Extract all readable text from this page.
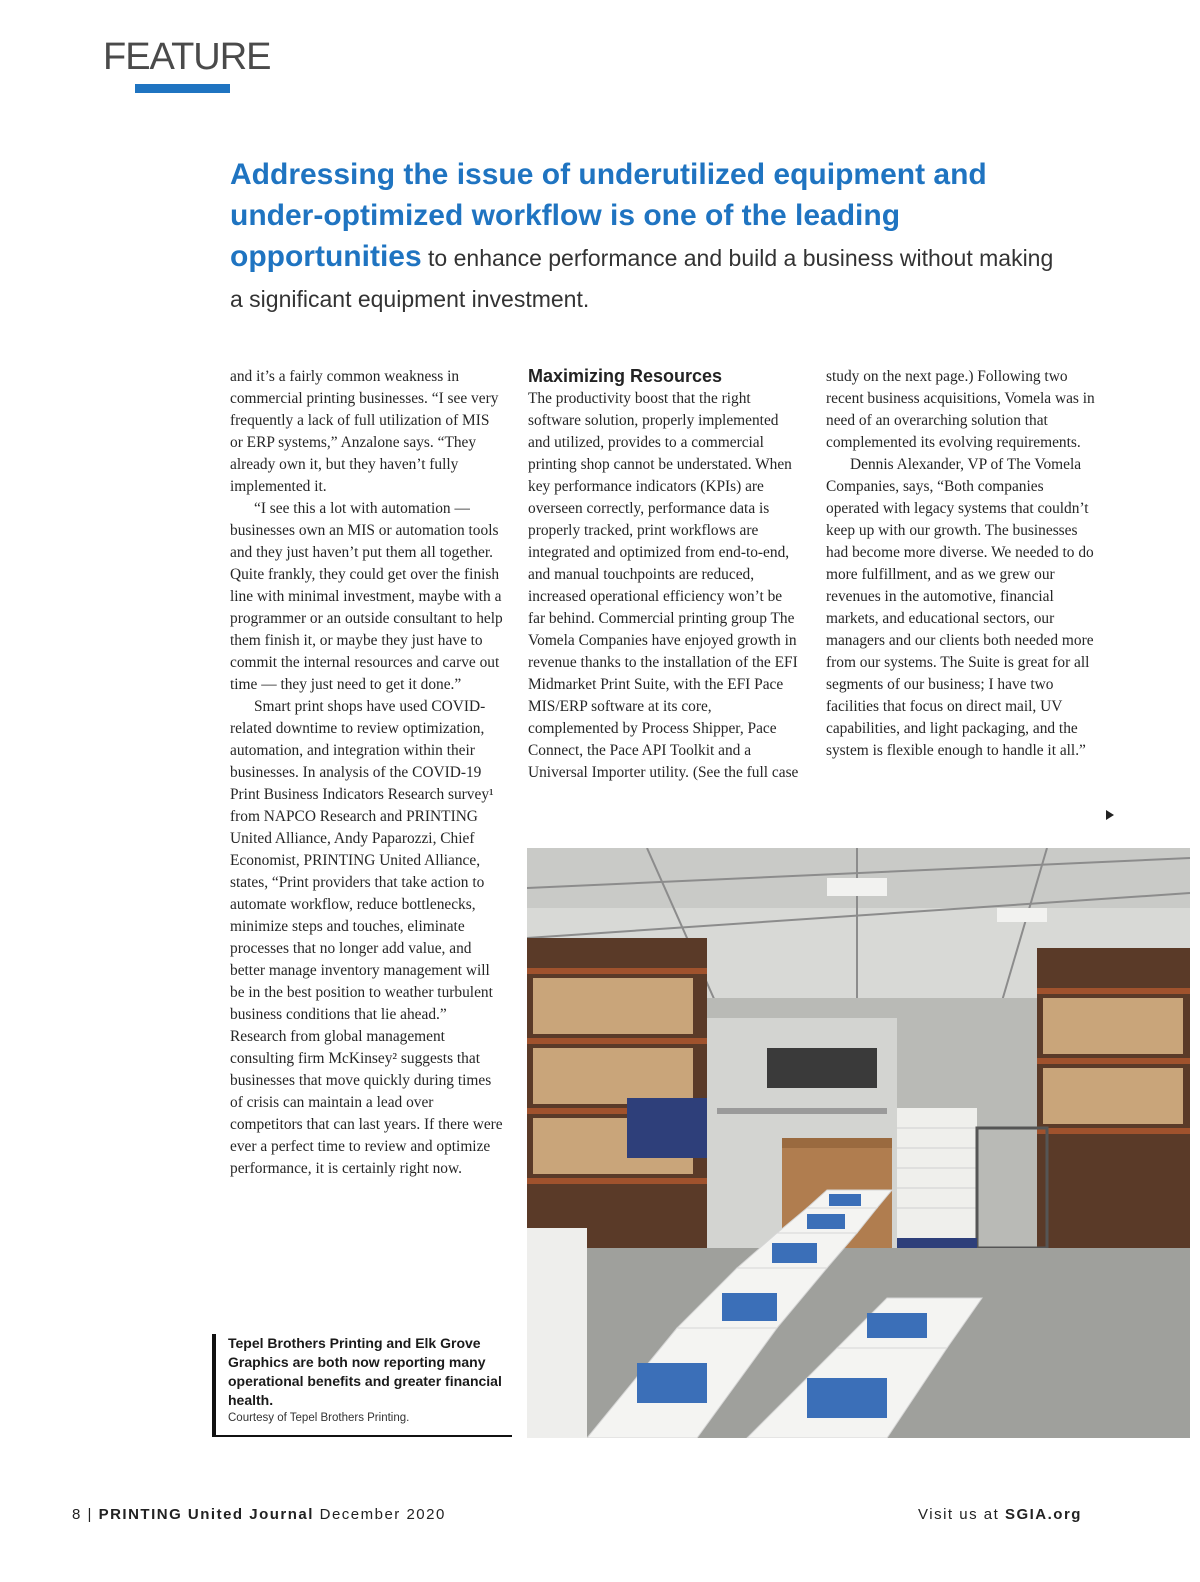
FEATURE
Addressing the issue of underutilized equipment and under-optimized workflow is one of the leading opportunities to enhance performance and build a business without making a significant equipment investment.

and it’s a fairly common weakness in commercial printing businesses. “I see very frequently a lack of full utilization of MIS or ERP systems,” Anzalone says. “They already own it, but they haven’t fully implemented it.

“I see this a lot with automation — businesses own an MIS or automation tools and they just haven’t put them all together. Quite frankly, they could get over the finish line with minimal investment, maybe with a programmer or an outside consultant to help them finish it, or maybe they just have to commit the internal resources and carve out time — they just need to get it done.”

Smart print shops have used COVID-related downtime to review optimization, automation, and integration within their businesses. In analysis of the COVID-19 Print Business Indicators Research survey¹ from NAPCO Research and PRINTING United Alliance, Andy Paparozzi, Chief Economist, PRINTING United Alliance, states, “Print providers that take action to automate workflow, reduce bottlenecks, minimize steps and touches, eliminate processes that no longer add value, and better manage inventory management will be in the best position to weather turbulent business conditions that lie ahead.” Research from global management consulting firm McKinsey² suggests that businesses that move quickly during times of crisis can maintain a lead over competitors that can last years. If there were ever a perfect time to review and optimize performance, it is certainly right now.

Maximizing Resources

The productivity boost that the right software solution, properly implemented and utilized, provides to a commercial printing shop cannot be understated. When key performance indicators (KPIs) are overseen correctly, performance data is properly tracked, print workflows are integrated and optimized from end-to-end, and manual touchpoints are reduced, increased operational efficiency won’t be far behind. Commercial printing group The Vomela Companies have enjoyed growth in revenue thanks to the installation of the EFI Midmarket Print Suite, with the EFI Pace MIS/ERP software at its core, complemented by Process Shipper, Pace Connect, the Pace API Toolkit and a Universal Importer utility. (See the full case

study on the next page.) Following two recent business acquisitions, Vomela was in need of an overarching solution that complemented its evolving requirements.

Dennis Alexander, VP of The Vomela Companies, says, “Both companies operated with legacy systems that couldn’t keep up with our growth. The businesses had become more diverse. We needed to do more fulfillment, and as we grew our revenues in the automotive, financial markets, and educational sectors, our managers and our clients both needed more from our systems. The Suite is great for all segments of our business; I have two facilities that focus on direct mail, UV capabilities, and light packaging, and the system is flexible enough to handle it all.”

Tepel Brothers Printing and Elk Grove Graphics are both now reporting many operational benefits and greater financial health.
Courtesy of Tepel Brothers Printing.
8 | PRINTING United Journal December 2020	Visit us at SGIA.org
